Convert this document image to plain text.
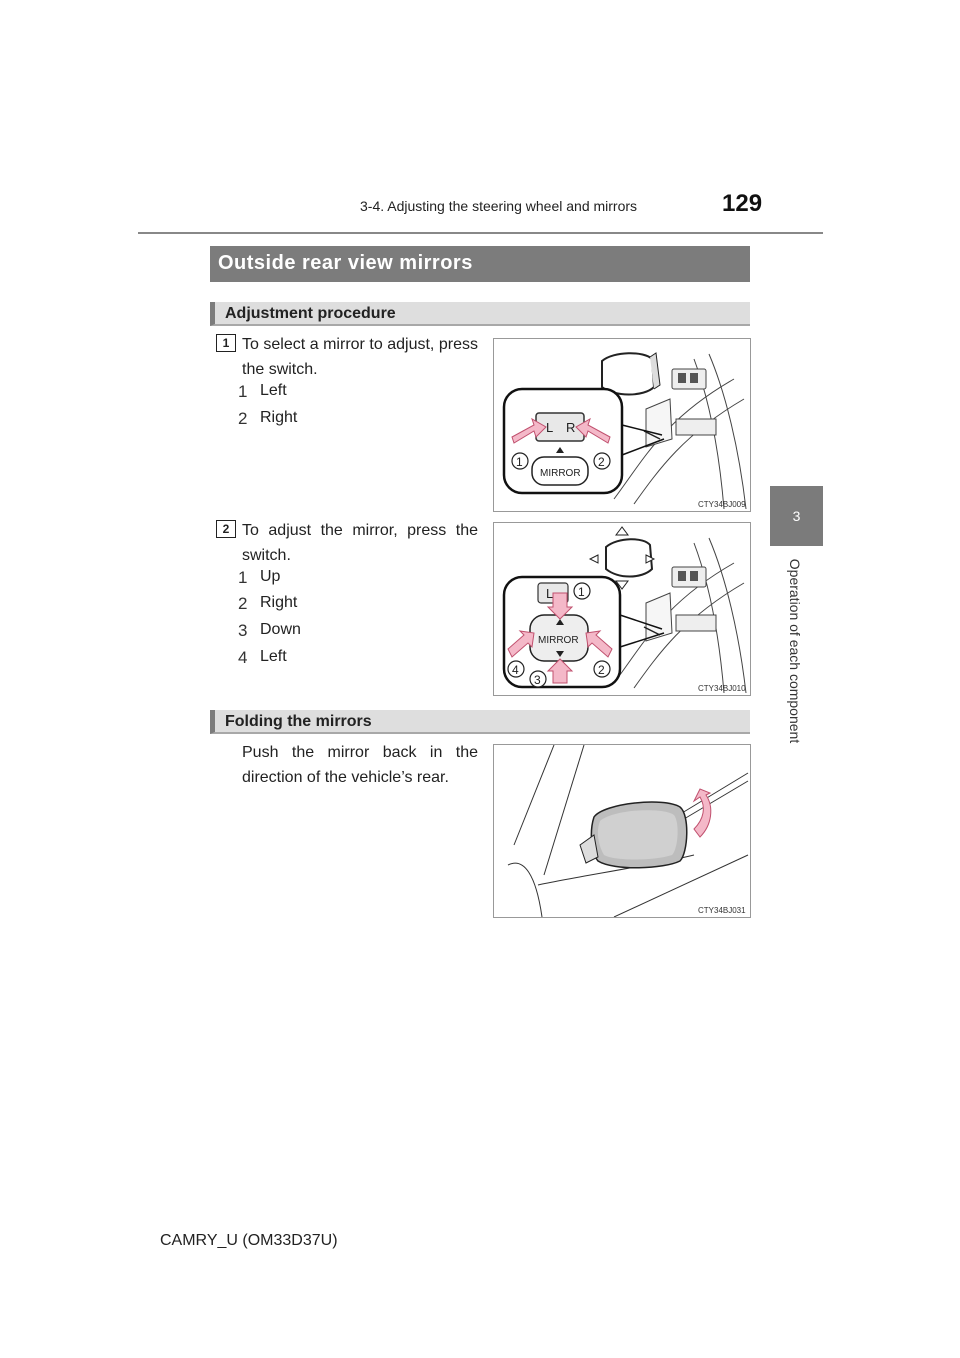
3-4. Adjusting the steering wheel and mirrors	129
3
Operation of each component
Outside rear view mirrors
Adjustment procedure
1 To select a mirror to adjust, press the switch.
1 Left
2 Right
L R
MIRROR
1	2
CTY34BJ009
2 To adjust the mirror, press the switch.
1 Up
2 Right
3 Down
4 Left
L
MIRROR
1
2
3
4
CTY34BJ010
Folding the mirrors
Push the mirror back in the direction of the vehicle’s rear.
CTY34BJ031
CAMRY_U (OM33D37U)
